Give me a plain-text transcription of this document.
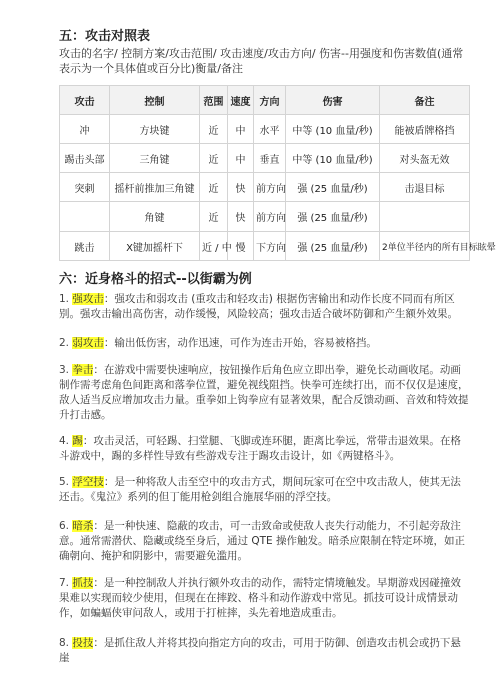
五：攻击对照表
攻击的名字/ 控制方案/攻击范围/ 攻击速度/攻击方向/ 伤害--用强度和伤害数值(通常表示为一个具体值或百分比)衡量/备注
攻击	控制	范围	速度	方向	伤害	备注
冲	方块键	近	中	水平	中等 (10 血量/秒)	能被盾牌格挡
踢击头部	三角键	近	中	垂直	中等 (10 血量/秒)	对头盔无效
突刺	摇杆前推加三角键	近	快	前方向	强 (25 血量/秒)	击退目标
	角键	近	快	前方向	强 (25 血量/秒)	
跳击	X键加摇杆下	近 / 中	慢	下方向	强 (25 血量/秒)	2单位半径内的所有目标眩晕
六：近身格斗的招式--以街霸为例
1. 强攻击：强攻击和弱攻击 (重攻击和轻攻击) 根据伤害输出和动作长度不同而有所区别。强攻击输出高伤害，动作缓慢，风险较高；强攻击适合破坏防御和产生额外效果。
2. 弱攻击：输出低伤害，动作迅速，可作为连击开始，容易被格挡。
3. 拳击：在游戏中需要快速响应，按钮操作后角色应立即出拳，避免长动画收尾。动画制作需考虑角色间距离和落拳位置，避免视线阻挡。快拳可连续打出，而不仅仅是速度，敌人适当反应增加攻击力量。重拳如上钩拳应有显著效果，配合反馈动画、音效和特效提升打击感。
4. 踢：攻击灵活，可轻踢、扫堂腿、飞脚或连环腿，距离比拳远，常带击退效果。在格斗游戏中，踢的多样性导致有些游戏专注于踢攻击设计，如《两键格斗》。
5. 浮空技：是一种将敌人击至空中的攻击方式，期间玩家可在空中攻击敌人，使其无法还击。《鬼泣》系列的但丁能用枪剑组合施展华丽的浮空技。
6. 暗杀：是一种快速、隐蔽的攻击，可一击致命或使敌人丧失行动能力，不引起旁敌注意。通常需潜伏、隐藏或绕至身后，通过 QTE 操作触发。暗杀应限制在特定环境，如正确朝向、掩护和阴影中，需要避免滥用。
7. 抓技：是一种控制敌人并执行额外攻击的动作，需特定情境触发。早期游戏因碰撞效果难以实现而较少使用，但现在在摔跤、格斗和动作游戏中常见。抓技可设计成情景动作，如蝙蝠侠审问敌人，或用于打桩摔，头先着地造成重击。
8. 投技：是抓住敌人并将其投向指定方向的攻击，可用于防御、创造攻击机会或扔下悬崖
